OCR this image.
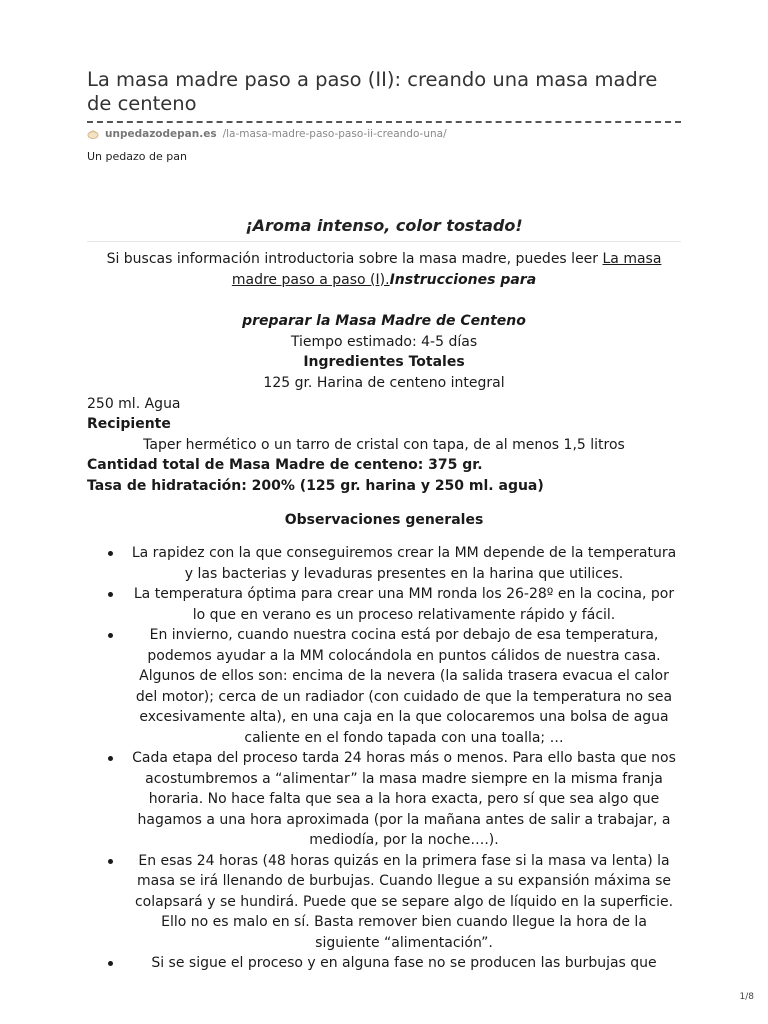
La masa madre paso a paso (II): creando una masa madre de centeno
unpedazodepan.es /la-masa-madre-paso-paso-ii-creando-una/
Un pedazo de pan
¡Aroma intenso, color tostado!
Si buscas información introductoria sobre la masa madre, puedes leer La masa madre paso a paso (I).Instrucciones para
preparar la Masa Madre de Centeno
Tiempo estimado: 4-5 días
Ingredientes Totales
125 gr. Harina de centeno integral
250 ml. Agua
Recipiente
Taper hermético o un tarro de cristal con tapa, de al menos 1,5 litros
Cantidad total de Masa Madre de centeno: 375 gr.
Tasa de hidratación: 200% (125 gr. harina y 250 ml. agua)
Observaciones generales
La rapidez con la que conseguiremos crear la MM depende de la temperatura y las bacterias y levaduras presentes en la harina que utilices.
La temperatura óptima para crear una MM ronda los 26-28º en la cocina, por lo que en verano es un proceso relativamente rápido y fácil.
En invierno, cuando nuestra cocina está por debajo de esa temperatura, podemos ayudar a la MM colocándola en puntos cálidos de nuestra casa. Algunos de ellos son: encima de la nevera (la salida trasera evacua el calor del motor); cerca de un radiador (con cuidado de que la temperatura no sea excesivamente alta), en una caja en la que colocaremos una bolsa de agua caliente en el fondo tapada con una toalla; …
Cada etapa del proceso tarda 24 horas más o menos. Para ello basta que nos acostumbremos a “alimentar” la masa madre siempre en la misma franja horaria. No hace falta que sea a la hora exacta, pero sí que sea algo que hagamos a una hora aproximada (por la mañana antes de salir a trabajar, a mediodía, por la noche….).
En esas 24 horas (48 horas quizás en la primera fase si la masa va lenta) la masa se irá llenando de burbujas. Cuando llegue a su expansión máxima se colapsará y se hundirá. Puede que se separe algo de líquido en la superficie. Ello no es malo en sí. Basta remover bien cuando llegue la hora de la siguiente “alimentación”.
Si se sigue el proceso y en alguna fase no se producen las burbujas que
1/8
